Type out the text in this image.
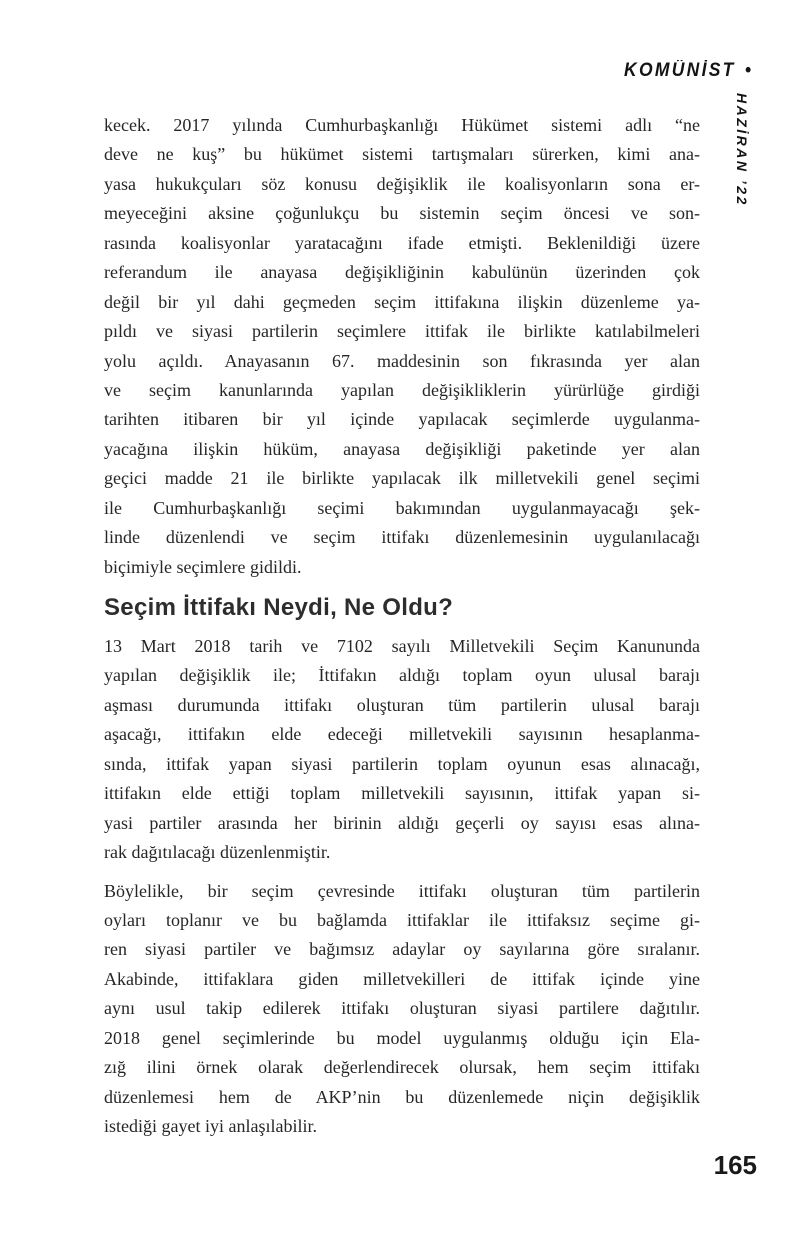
KOMÜNİST •
HAZİRAN ’22
kecek. 2017 yılında Cumhurbaşkanlığı Hükümet sistemi adlı “ne
deve ne kuş” bu hükümet sistemi tartışmaları sürerken, kimi ana-
yasa hukukçuları söz konusu değişiklik ile koalisyonların sona er-
meyeceğini aksine çoğunlukçu bu sistemin seçim öncesi ve son-
rasında koalisyonlar yaratacağını ifade etmişti. Beklenildiği üzere
referandum ile anayasa değişikliğinin kabulünün üzerinden çok
değil bir yıl dahi geçmeden seçim ittifakına ilişkin düzenleme ya-
pıldı ve siyasi partilerin seçimlere ittifak ile birlikte katılabilmeleri
yolu açıldı. Anayasanın 67. maddesinin son fıkrasında yer alan
ve seçim kanunlarında yapılan değişikliklerin yürürlüğe girdiği
tarihten itibaren bir yıl içinde yapılacak seçimlerde uygulanma-
yacağına ilişkin hüküm, anayasa değişikliği paketinde yer alan
geçici madde 21 ile birlikte yapılacak ilk milletvekili genel seçimi
ile Cumhurbaşkanlığı seçimi bakımından uygulanmayacağı şek-
linde düzenlendi ve seçim ittifakı düzenlemesinin uygulanılacağı
biçimiyle seçimlere gidildi.
Seçim İttifakı Neydi, Ne Oldu?
13 Mart 2018 tarih ve 7102 sayılı Milletvekili Seçim Kanununda
yapılan değişiklik ile; İttifakın aldığı toplam oyun ulusal barajı
aşması durumunda ittifakı oluşturan tüm partilerin ulusal barajı
aşacağı, ittifakın elde edeceği milletvekili sayısının hesaplanma-
sında, ittifak yapan siyasi partilerin toplam oyunun esas alınacağı,
ittifakın elde ettiği toplam milletvekili sayısının, ittifak yapan si-
yasi partiler arasında her birinin aldığı geçerli oy sayısı esas alına-
rak dağıtılacağı düzenlenmiştir.
Böylelikle, bir seçim çevresinde ittifakı oluşturan tüm partilerin
oyları toplanır ve bu bağlamda ittifaklar ile ittifaksız seçime gi-
ren siyasi partiler ve bağımsız adaylar oy sayılarına göre sıralanır.
Akabinde, ittifaklara giden milletvekilleri de ittifak içinde yine
aynı usul takip edilerek ittifakı oluşturan siyasi partilere dağıtılır.
2018 genel seçimlerinde bu model uygulanmış olduğu için Ela-
zığ ilini örnek olarak değerlendirecek olursak, hem seçim ittifakı
düzenlemesi hem de AKP’nin bu düzenlemede niçin değişiklik
istediği gayet iyi anlaşılabilir.
165
